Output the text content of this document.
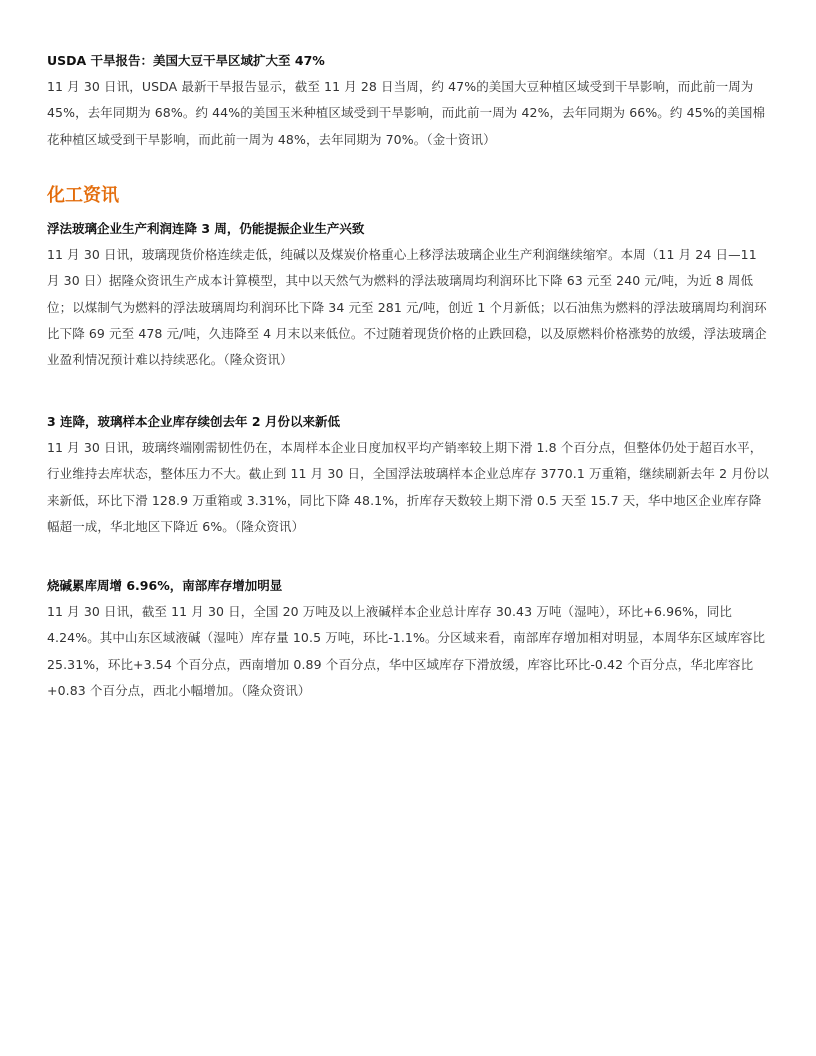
USDA 干旱报告：美国大豆干旱区域扩大至 47%

11 月 30 日讯，USDA 最新干旱报告显示，截至 11 月 28 日当周，约 47%的美国大豆种植区域受到干旱影响，而此前一周为 45%，去年同期为 68%。约 44%的美国玉米种植区域受到干旱影响，而此前一周为 42%，去年同期为 66%。约 45%的美国棉花种植区域受到干旱影响，而此前一周为 48%，去年同期为 70%。（金十资讯）

化工资讯

浮法玻璃企业生产利润连降 3 周，仍能提振企业生产兴致

11 月 30 日讯，玻璃现货价格连续走低，纯碱以及煤炭价格重心上移浮法玻璃企业生产利润继续缩窄。本周（11 月 24 日—11 月 30 日）据隆众资讯生产成本计算模型，其中以天然气为燃料的浮法玻璃周均利润环比下降 63 元至 240 元/吨，为近 8 周低位；以煤制气为燃料的浮法玻璃周均利润环比下降 34 元至 281 元/吨，创近 1 个月新低；以石油焦为燃料的浮法玻璃周均利润环比下降 69 元至 478 元/吨，久违降至 4 月末以来低位。不过随着现货价格的止跌回稳，以及原燃料价格涨势的放缓，浮法玻璃企业盈利情况预计难以持续恶化。（隆众资讯）

3 连降，玻璃样本企业库存续创去年 2 月份以来新低

11 月 30 日讯，玻璃终端刚需韧性仍在，本周样本企业日度加权平均产销率较上期下滑 1.8 个百分点，但整体仍处于超百水平，行业维持去库状态，整体压力不大。截止到 11 月 30 日，全国浮法玻璃样本企业总库存 3770.1 万重箱，继续刷新去年 2 月份以来新低，环比下滑 128.9 万重箱或 3.31%，同比下降 48.1%，折库存天数较上期下滑 0.5 天至 15.7 天，华中地区企业库存降幅超一成，华北地区下降近 6%。（隆众资讯）

烧碱累库周增 6.96%，南部库存增加明显

11 月 30 日讯，截至 11 月 30 日，全国 20 万吨及以上液碱样本企业总计库存 30.43 万吨（湿吨），环比+6.96%，同比 4.24%。其中山东区域液碱（湿吨）库存量 10.5 万吨，环比-1.1%。分区域来看，南部库存增加相对明显，本周华东区域库容比 25.31%，环比+3.54 个百分点，西南增加 0.89 个百分点，华中区域库存下滑放缓，库容比环比-0.42 个百分点，华北库容比+0.83 个百分点，西北小幅增加。（隆众资讯）
